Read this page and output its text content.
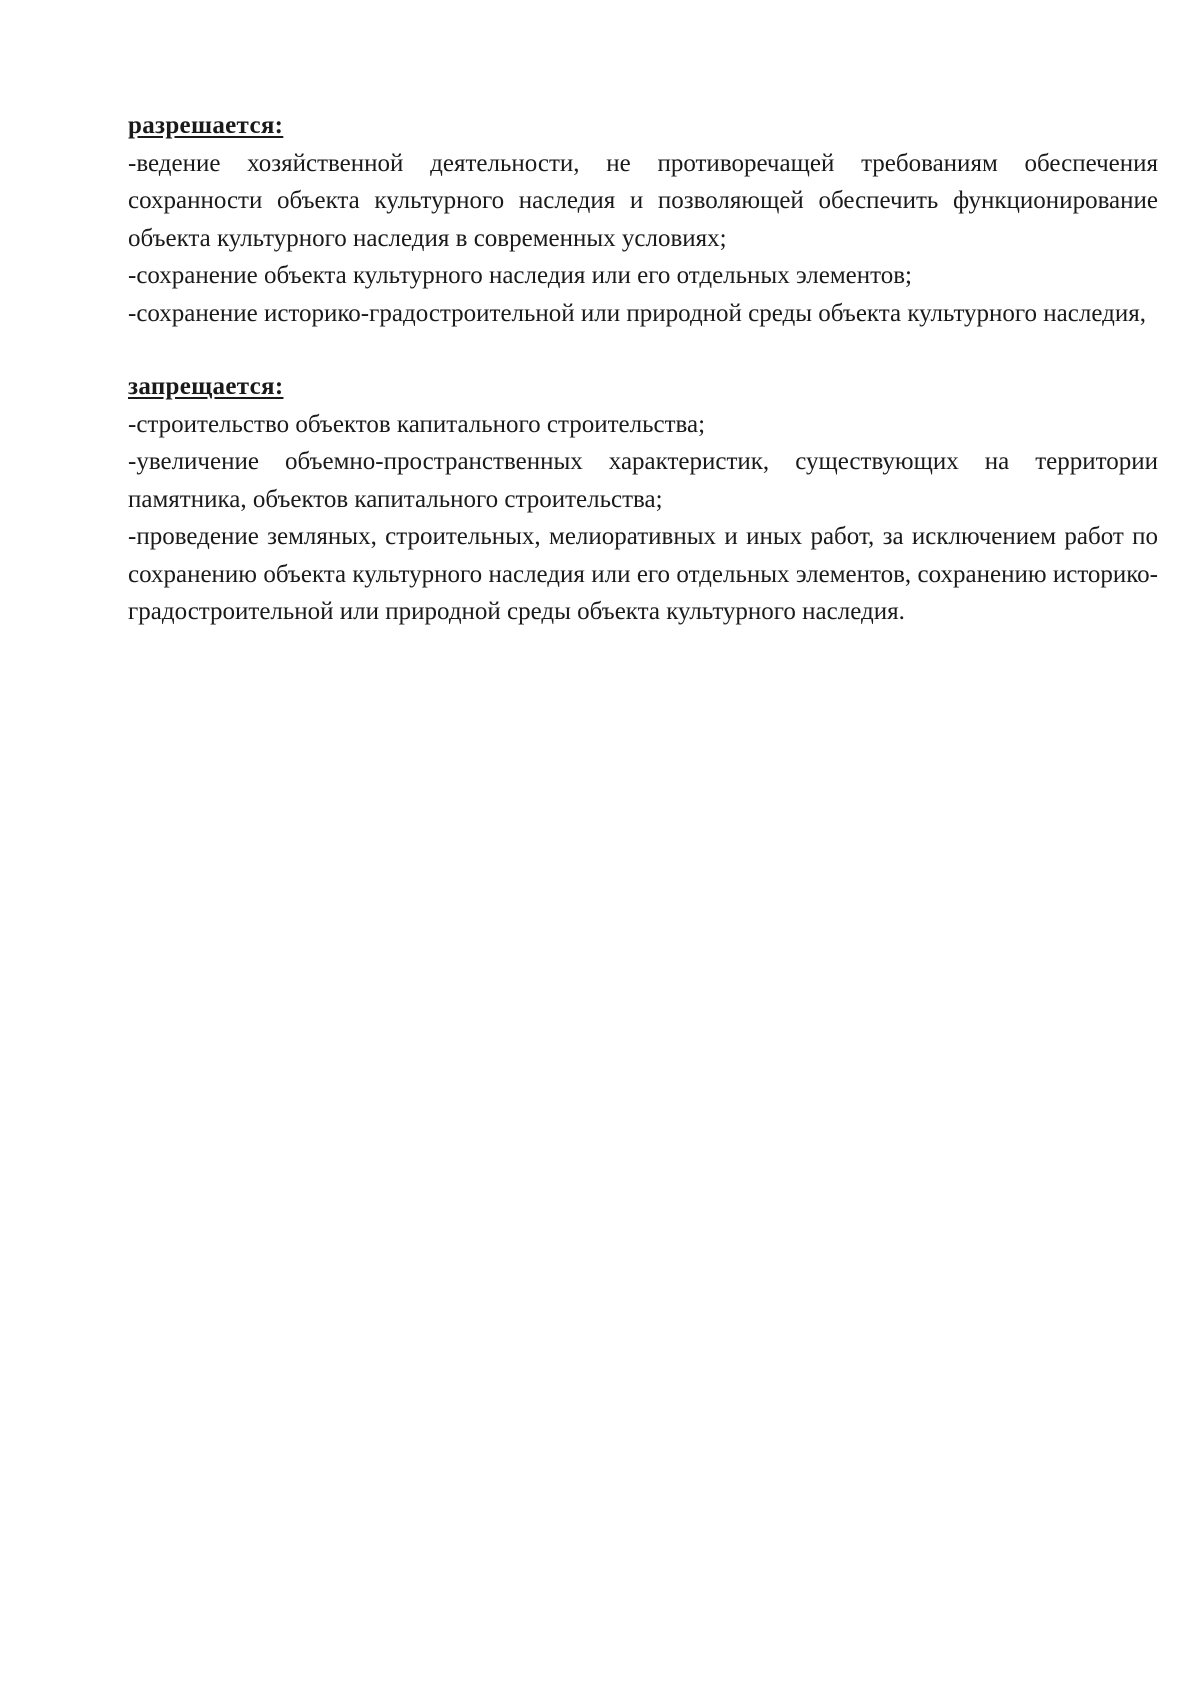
разрешается:

-ведение хозяйственной деятельности, не противоречащей требованиям обеспечения сохранности объекта культурного наследия и позволяющей обеспечить функционирование объекта культурного наследия в современных условиях;

-сохранение объекта культурного наследия или его отдельных элементов;

-сохранение историко-градостроительной или природной среды объекта культурного наследия,

запрещается:

-строительство объектов капитального строительства;

-увеличение объемно-пространственных характеристик, существующих на территории памятника, объектов капитального строительства;

-проведение земляных, строительных, мелиоративных и иных работ, за исключением работ по сохранению объекта культурного наследия или его отдельных элементов, сохранению историко-градостроительной или природной среды объекта культурного наследия.
